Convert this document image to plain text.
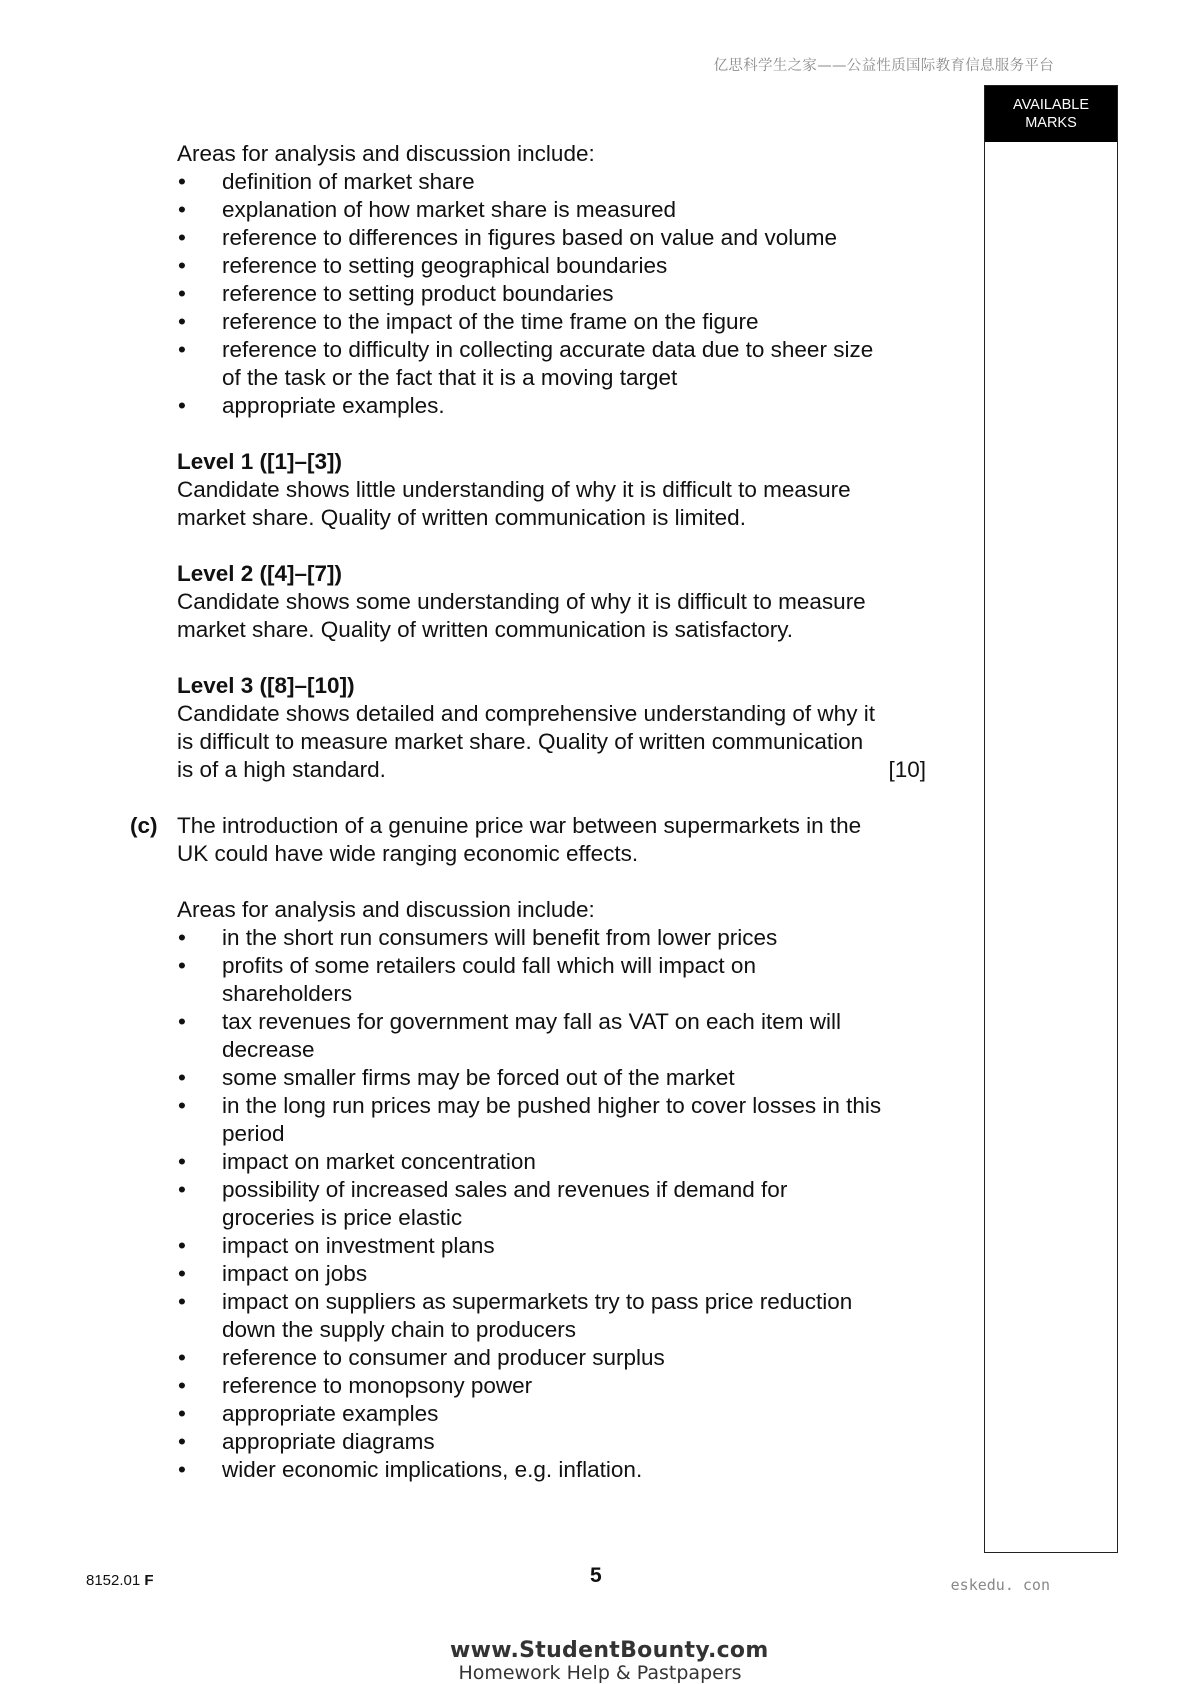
亿思科学生之家——公益性质国际教育信息服务平台
AVAILABLE
MARKS
Areas for analysis and discussion include:
• definition of market share
• explanation of how market share is measured
• reference to differences in figures based on value and volume
• reference to setting geographical boundaries
• reference to setting product boundaries
• reference to the impact of the time frame on the figure
• reference to difficulty in collecting accurate data due to sheer size
of the task or the fact that it is a moving target
• appropriate examples.
Level 1 ([1]–[3])
Candidate shows little understanding of why it is difficult to measure
market share. Quality of written communication is limited.
Level 2 ([4]–[7])
Candidate shows some understanding of why it is difficult to measure
market share. Quality of written communication is satisfactory.
Level 3 ([8]–[10])
Candidate shows detailed and comprehensive understanding of why it
is difficult to measure market share. Quality of written communication
is of a high standard.	[10]
(c) The introduction of a genuine price war between supermarkets in the
UK could have wide ranging economic effects.
Areas for analysis and discussion include:
• in the short run consumers will benefit from lower prices
• profits of some retailers could fall which will impact on
shareholders
• tax revenues for government may fall as VAT on each item will
decrease
• some smaller firms may be forced out of the market
• in the long run prices may be pushed higher to cover losses in this
period
• impact on market concentration
• possibility of increased sales and revenues if demand for
groceries is price elastic
• impact on investment plans
• impact on jobs
• impact on suppliers as supermarkets try to pass price reduction
down the supply chain to producers
• reference to consumer and producer surplus
• reference to monopsony power
• appropriate examples
• appropriate diagrams
• wider economic implications, e.g. inflation.
8152.01 F	5	eskedu. con
www.StudentBounty.com
Homework Help & Pastpapers
